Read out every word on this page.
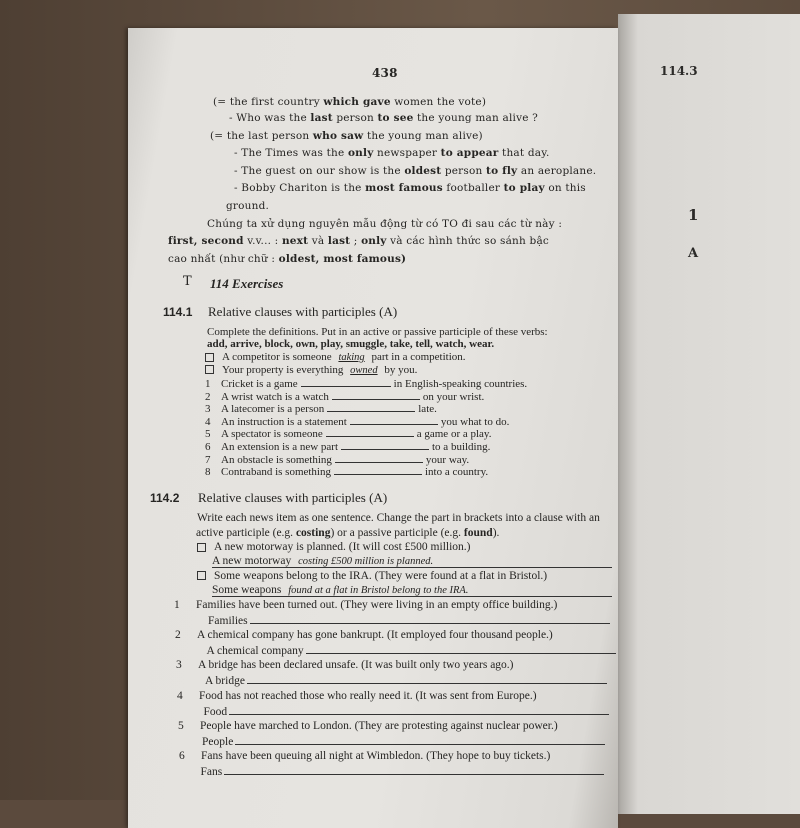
114.3
1
A
438
(= the first country which gave women the vote)
- Who was the last person to see the young man alive ?
(= the last person who saw the young man alive)
- The Times was the only newspaper to appear that day.
- The guest on our show is the oldest person to fly an aeroplane.
- Bobby Chariton is the most famous footballer to play on this
ground.
Chúng ta xử dụng nguyên mẫu động từ có TO đi sau các từ này :
first, second v.v... : next và last ; only và các hình thức so sánh bậc
cao nhất (như chữ : oldest, most famous)
T 114 Exercises
114.1 Relative clauses with participles (A)
Complete the definitions. Put in an active or passive participle of these verbs:
add, arrive, block, own, play, smuggle, take, tell, watch, wear.
A competitor is someone taking part in a competition.
Your property is everything owned by you.
1 Cricket is a game	in English-speaking countries.
2 A wrist watch is a watch	on your wrist.
3 A latecomer is a person	late.
4 An instruction is a statement	you what to do.
5 A spectator is someone	a game or a play.
6 An extension is a new part	to a building.
7 An obstacle is something	your way.
8 Contraband is something	into a country.
114.2 Relative clauses with participles (A)
Write each news item as one sentence. Change the part in brackets into a clause with an
active participle (e.g. costing) or a passive participle (e.g. found).
A new motorway is planned. (It will cost £500 million.)
A new motorway costing £500 million is planned.
Some weapons belong to the IRA. (They were found at a flat in Bristol.)
Some weapons found at a flat in Bristol belong to the IRA.
1 Families have been turned out. (They were living in an empty office building.)
Families
2 A chemical company has gone bankrupt. (It employed four thousand people.)
A chemical company
3 A bridge has been declared unsafe. (It was built only two years ago.)
A bridge
4 Food has not reached those who really need it. (It was sent from Europe.)
Food
5 People have marched to London. (They are protesting against nuclear power.)
People
6 Fans have been queuing all night at Wimbledon. (They hope to buy tickets.)
Fans
